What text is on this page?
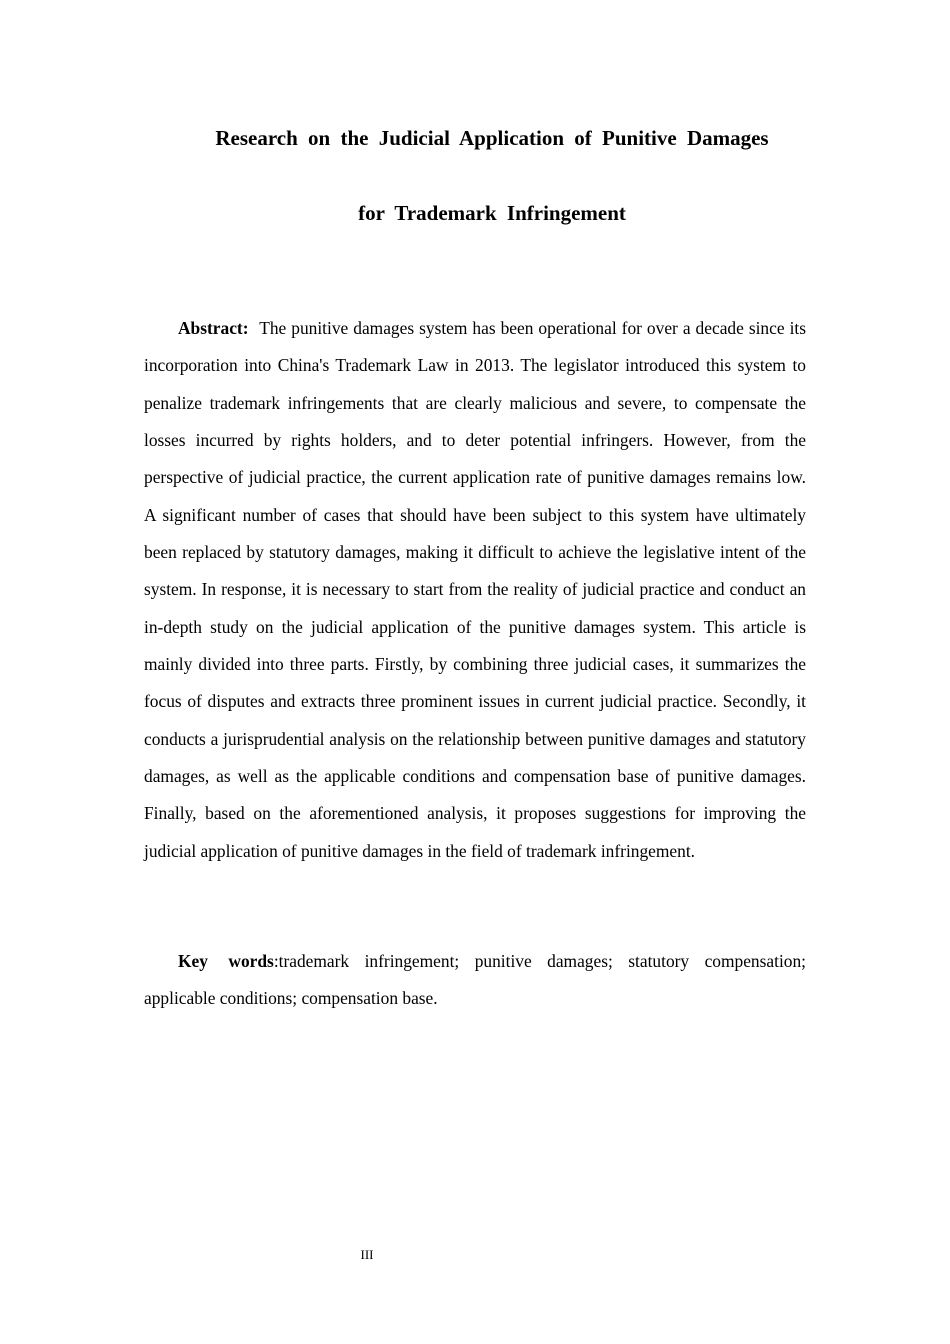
Research on the Judicial Application of Punitive Damages
for Trademark Infringement

Abstract: The punitive damages system has been operational for over a decade since its incorporation into China's Trademark Law in 2013. The legislator introduced this system to penalize trademark infringements that are clearly malicious and severe, to compensate the losses incurred by rights holders, and to deter potential infringers. However, from the perspective of judicial practice, the current application rate of punitive damages remains low. A significant number of cases that should have been subject to this system have ultimately been replaced by statutory damages, making it difficult to achieve the legislative intent of the system. In response, it is necessary to start from the reality of judicial practice and conduct an in-depth study on the judicial application of the punitive damages system. This article is mainly divided into three parts. Firstly, by combining three judicial cases, it summarizes the focus of disputes and extracts three prominent issues in current judicial practice. Secondly, it conducts a jurisprudential analysis on the relationship between punitive damages and statutory damages, as well as the applicable conditions and compensation base of punitive damages. Finally, based on the aforementioned analysis, it proposes suggestions for improving the judicial application of punitive damages in the field of trademark infringement.

Key words:trademark infringement; punitive damages; statutory compensation; applicable conditions; compensation base.

III
